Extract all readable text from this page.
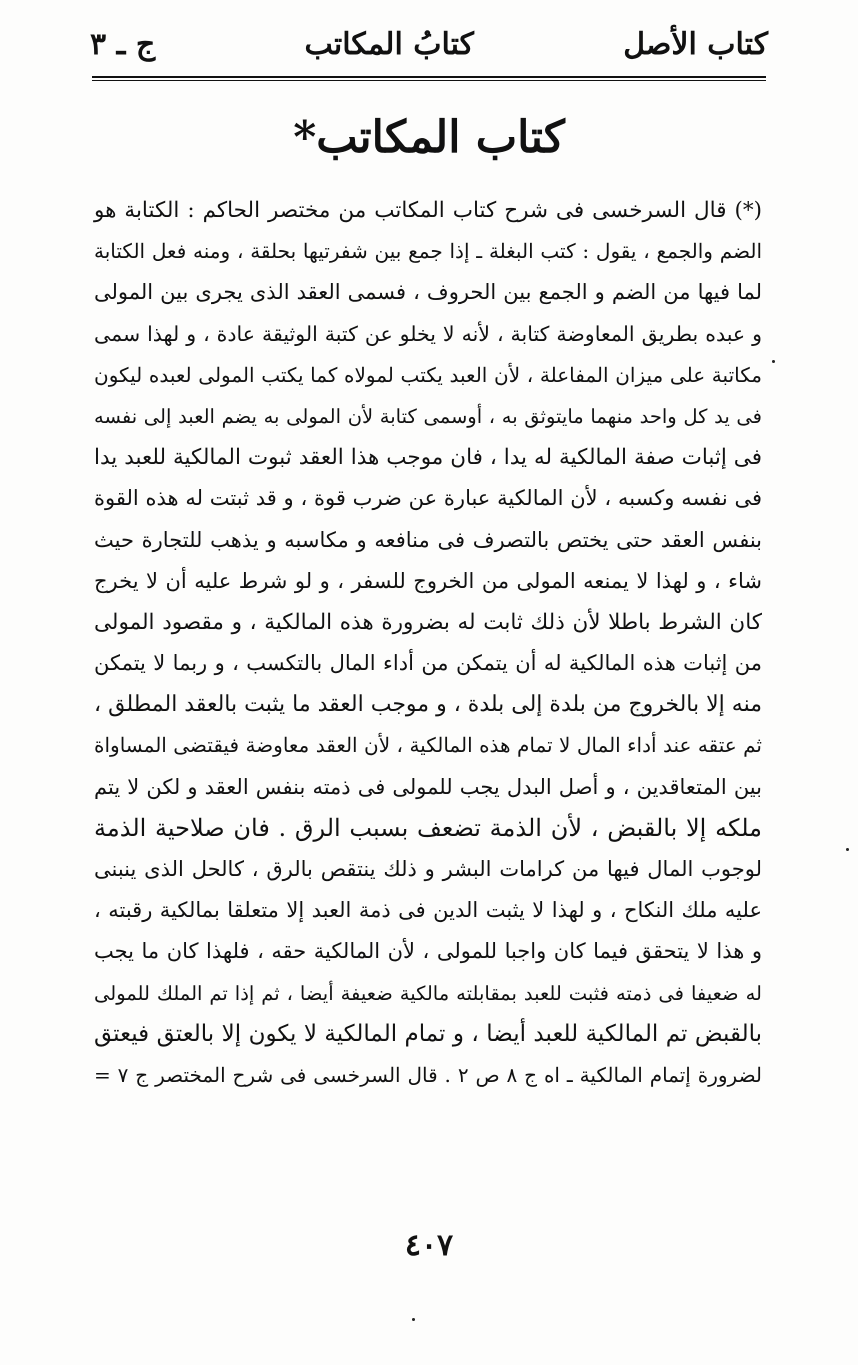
كتاب الأصل
كتابُ المكاتب
ج ـ ٣
كتاب المكاتب*
(*) قال السرخسى فى شرح كتاب المكاتب من مختصر الحاكم : الكتابة هو
الضم والجمع ، يقول : كتب البغلة ـ إذا جمع بين شفرتيها بحلقة ، ومنه فعل الكتابة
لما فيها من الضم و الجمع بين الحروف ، فسمى العقد الذى يجرى بين المولى
و عبده بطريق المعاوضة كتابة ، لأنه لا يخلو عن كتبة الوثيقة عادة ، و لهذا سمى
مكاتبة على ميزان المفاعلة ، لأن العبد يكتب لمولاه كما يكتب المولى لعبده ليكون
فى يد كل واحد منهما مايتوثق به ، أوسمى كتابة لأن المولى به يضم العبد إلى نفسه
فى إثبات صفة المالكية له يدا ، فان موجب هذا العقد ثبوت المالكية للعبد يدا
فى نفسه وكسبه ، لأن المالكية عبارة عن ضرب قوة ، و قد ثبتت له هذه القوة
بنفس العقد حتى يختص بالتصرف فى منافعه و مكاسبه و يذهب للتجارة حيث
شاء ، و لهذا لا يمنعه المولى من الخروج للسفر ، و لو شرط عليه أن لا يخرج
كان الشرط باطلا لأن ذلك ثابت له بضرورة هذه المالكية ، و مقصود المولى
من إثبات هذه المالكية له أن يتمكن من أداء المال بالتكسب ، و ربما لا يتمكن
منه إلا بالخروج من بلدة إلى بلدة ، و موجب العقد ما يثبت بالعقد المطلق ،
ثم عتقه عند أداء المال لا تمام هذه المالكية ، لأن العقد معاوضة فيقتضى المساواة
بين المتعاقدين ، و أصل البدل يجب للمولى فى ذمته بنفس العقد و لكن لا يتم
ملكه إلا بالقبض ، لأن الذمة تضعف بسبب الرق . فان صلاحية الذمة
لوجوب المال فيها من كرامات البشر و ذلك ينتقص بالرق ، كالحل الذى ينبنى
عليه ملك النكاح ، و لهذا لا يثبت الدين فى ذمة العبد إلا متعلقا بمالكية رقبته ،
و هذا لا يتحقق فيما كان واجبا للمولى ، لأن المالكية حقه ، فلهذا كان ما يجب
له ضعيفا فى ذمته فثبت للعبد بمقابلته مالكية ضعيفة أيضا ، ثم إذا تم الملك للمولى
بالقبض تم المالكية للعبد أيضا ، و تمام المالكية لا يكون إلا بالعتق فيعتق
لضرورة إتمام المالكية ـ اه ج ٨ ص ٢ . قال السرخسى فى شرح المختصر ج ٧ =
٤٠٧
